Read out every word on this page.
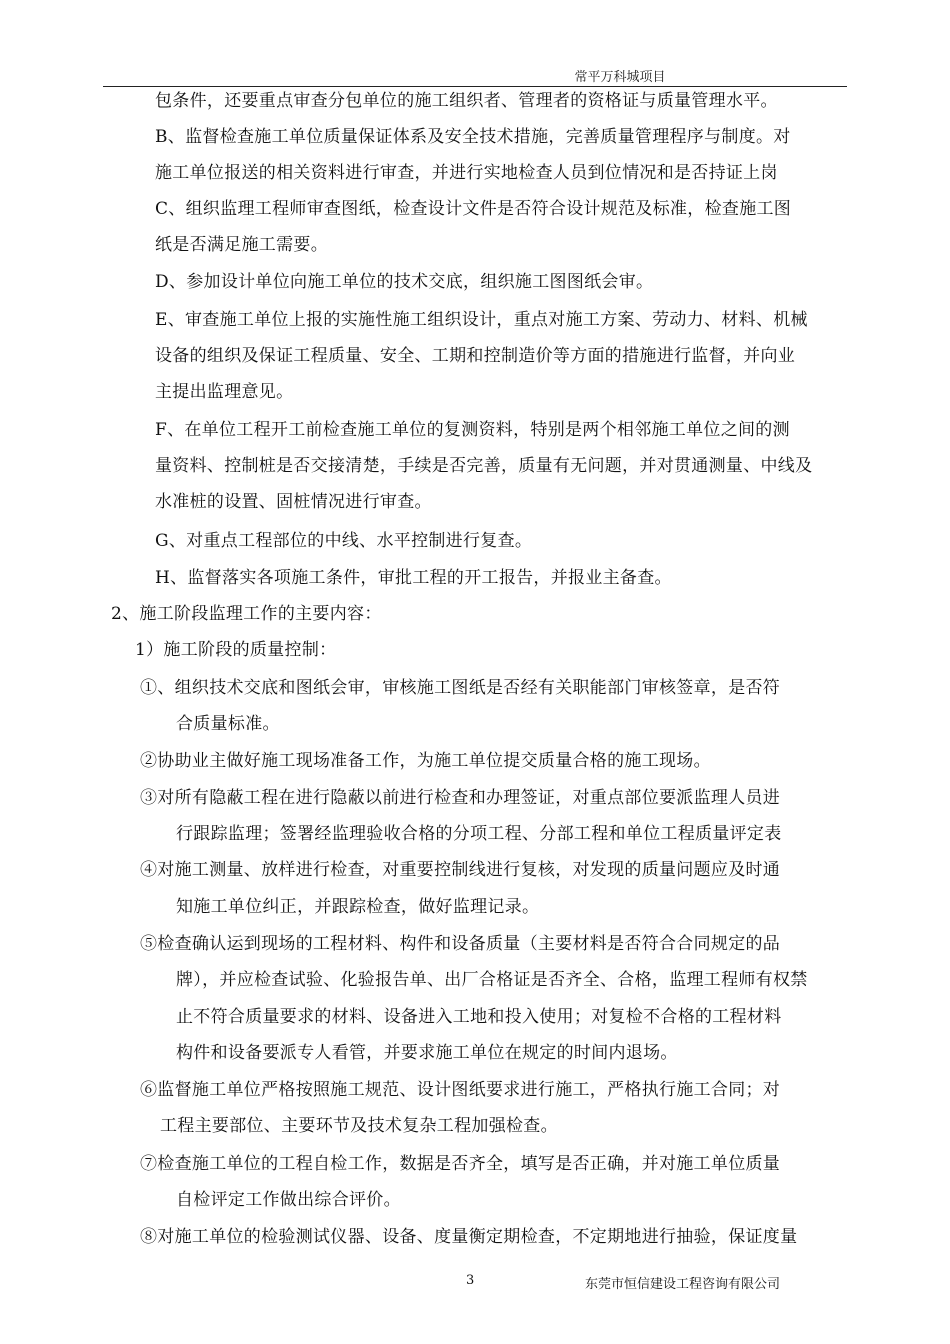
常平万科城项目
包条件，还要重点审查分包单位的施工组织者、管理者的资格证与质量管理水平。
B、监督检查施工单位质量保证体系及安全技术措施，完善质量管理程序与制度。对
施工单位报送的相关资料进行审查，并进行实地检查人员到位情况和是否持证上岗
C、组织监理工程师审查图纸，检查设计文件是否符合设计规范及标准，检查施工图
纸是否满足施工需要。
D、参加设计单位向施工单位的技术交底，组织施工图图纸会审。
E、审查施工单位上报的实施性施工组织设计，重点对施工方案、劳动力、材料、机械
设备的组织及保证工程质量、安全、工期和控制造价等方面的措施进行监督，并向业
主提出监理意见。
F、在单位工程开工前检查施工单位的复测资料，特别是两个相邻施工单位之间的测
量资料、控制桩是否交接清楚，手续是否完善，质量有无问题，并对贯通测量、中线及
水准桩的设置、固桩情况进行审查。
G、对重点工程部位的中线、水平控制进行复查。
H、监督落实各项施工条件，审批工程的开工报告，并报业主备查。
2、施工阶段监理工作的主要内容：
1）施工阶段的质量控制：
①、组织技术交底和图纸会审，审核施工图纸是否经有关职能部门审核签章，是否符
合质量标准。
②协助业主做好施工现场准备工作，为施工单位提交质量合格的施工现场。
③对所有隐蔽工程在进行隐蔽以前进行检查和办理签证，对重点部位要派监理人员进
行跟踪监理；签署经监理验收合格的分项工程、分部工程和单位工程质量评定表
④对施工测量、放样进行检查，对重要控制线进行复核，对发现的质量问题应及时通
知施工单位纠正，并跟踪检查，做好监理记录。
⑤检查确认运到现场的工程材料、构件和设备质量（主要材料是否符合合同规定的品
牌），并应检查试验、化验报告单、出厂合格证是否齐全、合格，监理工程师有权禁
止不符合质量要求的材料、设备进入工地和投入使用；对复检不合格的工程材料
构件和设备要派专人看管，并要求施工单位在规定的时间内退场。
⑥监督施工单位严格按照施工规范、设计图纸要求进行施工，严格执行施工合同；对
工程主要部位、主要环节及技术复杂工程加强检查。
⑦检查施工单位的工程自检工作，数据是否齐全，填写是否正确，并对施工单位质量
自检评定工作做出综合评价。
⑧对施工单位的检验测试仪器、设备、度量衡定期检查，不定期地进行抽验，保证度量
3	东莞市恒信建设工程咨询有限公司
